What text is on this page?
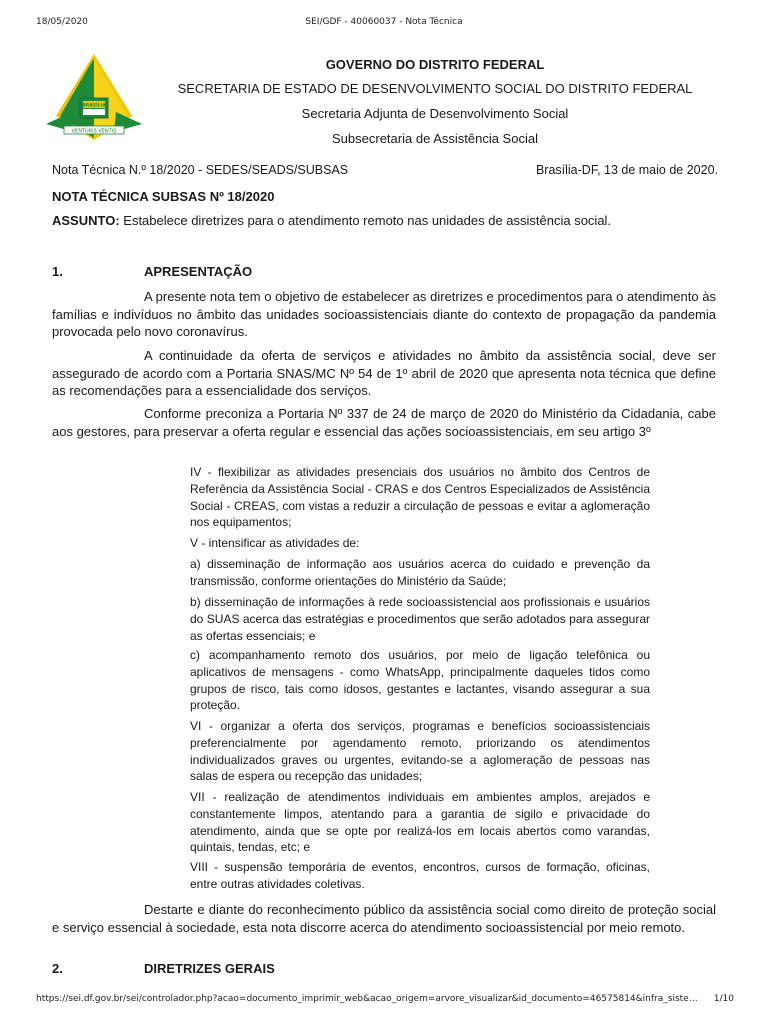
18/05/2020	SEI/GDF - 40060037 - Nota Técnica
VENTURIS VENTIS
BRASÍLIA
GOVERNO DO DISTRITO FEDERAL
SECRETARIA DE ESTADO DE DESENVOLVIMENTO SOCIAL DO DISTRITO FEDERAL
Secretaria Adjunta de Desenvolvimento Social
Subsecretaria de Assistência Social
Nota Técnica N.º 18/2020 - SEDES/SEADS/SUBSAS	Brasília-DF, 13 de maio de 2020.
NOTA TÉCNICA SUBSAS Nº 18/2020
ASSUNTO: Estabelece diretrizes para o atendimento remoto nas unidades de assistência social.
1.	APRESENTAÇÃO

A presente nota tem o objetivo de estabelecer as diretrizes e procedimentos para o atendimento às famílias e indivíduos no âmbito das unidades socioassistenciais diante do contexto de propagação da pandemia provocada pelo novo coronavírus.

A continuidade da oferta de serviços e atividades no âmbito da assistência social, deve ser assegurado de acordo com a Portaria SNAS/MC Nº 54 de 1º abril de 2020 que apresenta nota técnica que define as recomendações para a essencialidade dos serviços.

Conforme preconiza a Portaria Nº 337 de 24 de março de 2020 do Ministério da Cidadania, cabe aos gestores, para preservar a oferta regular e essencial das ações socioassistenciais, em seu artigo 3º

IV - flexibilizar as atividades presenciais dos usuários no âmbito dos Centros de Referência da Assistência Social - CRAS e dos Centros Especializados de Assistência Social - CREAS, com vistas a reduzir a circulação de pessoas e evitar a aglomeração nos equipamentos;

V - intensificar as atividades de:

a) disseminação de informação aos usuários acerca do cuidado e prevenção da transmissão, conforme orientações do Ministério da Saúde;

b) disseminação de informações à rede socioassistencial aos profissionais e usuários do SUAS acerca das estratégias e procedimentos que serão adotados para assegurar as ofertas essenciais; e

c) acompanhamento remoto dos usuários, por meio de ligação telefônica ou aplicativos de mensagens - como WhatsApp, principalmente daqueles tidos como grupos de risco, tais como idosos, gestantes e lactantes, visando assegurar a sua proteção.

VI - organizar a oferta dos serviços, programas e benefícios socioassistenciais preferencialmente por agendamento remoto, priorizando os atendimentos individualizados graves ou urgentes, evitando-se a aglomeração de pessoas nas salas de espera ou recepção das unidades;

VII - realização de atendimentos individuais em ambientes amplos, arejados e constantemente limpos, atentando para a garantia de sigilo e privacidade do atendimento, ainda que se opte por realizá-los em locais abertos como varandas, quintais, tendas, etc; e

VIII - suspensão temporária de eventos, encontros, cursos de formação, oficinas, entre outras atividades coletivas.

Destarte e diante do reconhecimento público da assistência social como direito de proteção social e serviço essencial à sociedade, esta nota discorre acerca do atendimento socioassistencial por meio remoto.

2.	DIRETRIZES GERAIS
https://sei.df.gov.br/sei/controlador.php?acao=documento_imprimir_web&acao_origem=arvore_visualizar&id_documento=46575814&infra_siste…	1/10
